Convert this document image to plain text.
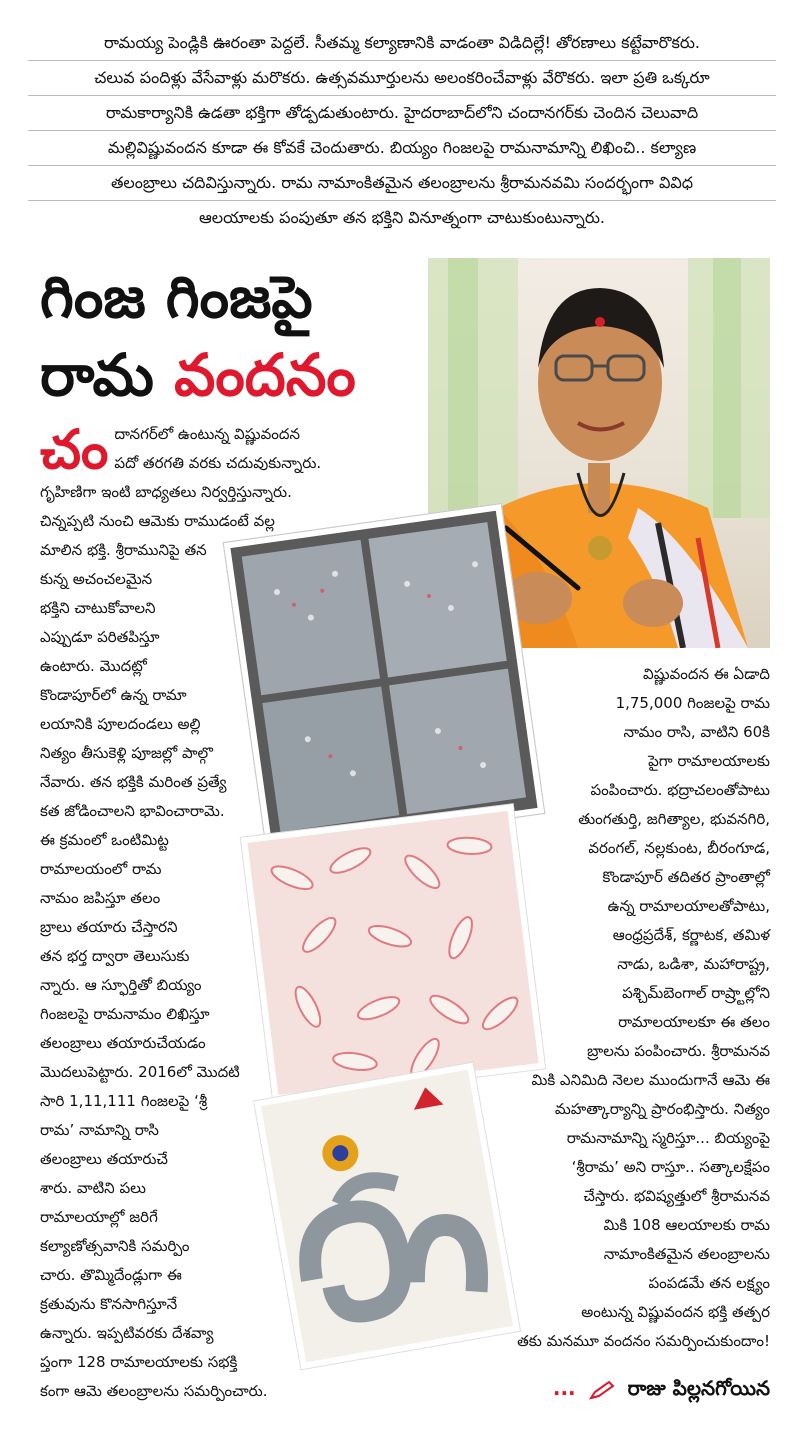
రామయ్య పెండ్లికి ఊరంతా పెద్దలే. సీతమ్మ కల్యాణానికి వాడంతా విడిదిల్లే! తోరణాలు కట్టేవారొకరు.
చలువ పందిళ్లు వేసేవాళ్లు మరొకరు. ఉత్సవమూర్తులను అలంకరించేవాళ్లు వేరొకరు. ఇలా ప్రతి ఒక్కరూ
రామకార్యానికి ఉడతా భక్తిగా తోడ్పడుతుంటారు. హైదరాబాద్‌లోని చందానగర్‌కు చెందిన చెలువాది
మల్లివిష్ణువందన కూడా ఈ కోవకే చెందుతారు. బియ్యం గింజలపై రామనామాన్ని లిఖించి.. కల్యాణ
తలంబ్రాలు చదివిస్తున్నారు. రామ నామాంకితమైన తలంబ్రాలను శ్రీరామనవమి సందర్భంగా వివిధ
ఆలయాలకు పంపుతూ తన భక్తిని వినూత్నంగా చాటుకుంటున్నారు.
గింజ గింజపై
రామ వందనం
చం దానగర్‌లో ఉంటున్న విష్ణువందన
పదో తరగతి వరకు చదువుకున్నారు.
గృహిణిగా ఇంటి బాధ్యతలు నిర్వర్తిస్తున్నారు.
చిన్నప్పటి నుంచి ఆమెకు రాముడంటే వల్ల
మాలిన భక్తి. శ్రీరామునిపై తన
కున్న అచంచలమైన
భక్తిని చాటుకోవాలని
ఎప్పుడూ పరితపిస్తూ
ఉంటారు. మొదట్లో
కొండాపూర్‌లో ఉన్న రామా
లయానికి పూలదండలు అల్లి
నిత్యం తీసుకెళ్లి పూజల్లో పాల్గొ
నేవారు. తన భక్తికి మరింత ప్రత్యే
కత జోడించాలని భావించారామె.
ఈ క్రమంలో ఒంటిమిట్ట
రామాలయంలో రామ
నామం జపిస్తూ తలం
బ్రాలు తయారు చేస్తారని
తన భర్త ద్వారా తెలుసుకు
న్నారు. ఆ స్ఫూర్తితో బియ్యం
గింజలపై రామనామం లిఖిస్తూ
తలంబ్రాలు తయారుచేయడం
మొదలుపెట్టారు. 2016లో మొదటి
సారి 1,11,111 గింజలపై ‘శ్రీ
రామ’ నామాన్ని రాసి
తలంబ్రాలు తయారుచే
శారు. వాటిని పలు
రామాలయాల్లో జరిగే
కల్యాణోత్సవానికి సమర్పిం
చారు. తొమ్మిదేండ్లుగా ఈ
క్రతువును కొనసాగిస్తూనే
ఉన్నారు. ఇప్పటివరకు దేశవ్యా
ప్తంగా 128 రామాలయాలకు సభక్తి
కంగా ఆమె తలంబ్రాలను సమర్పించారు.
విష్ణువందన ఈ ఏడాది
1,75,000 గింజలపై రామ
నామం రాసి, వాటిని 60కి
పైగా రామాలయాలకు
పంపించారు. భద్రాచలంతోపాటు
తుంగతుర్తి, జగిత్యాల, భువనగిరి,
వరంగల్, నల్లకుంట, బీరంగూడ,
కొండాపూర్ తదితర ప్రాంతాల్లో
ఉన్న రామాలయాలతోపాటు,
ఆంధ్రప్రదేశ్, కర్ణాటక, తమిళ
నాడు, ఒడిశా, మహారాష్ట్ర,
పశ్చిమ్‌బెంగాల్ రాష్ర్టాల్లోని
రామాలయాలకూ ఈ తలం
బ్రాలను పంపించారు. శ్రీరామనవ
మికి ఎనిమిది నెలల ముందుగానే ఆమె ఈ
మహత్కార్యాన్ని ప్రారంభిస్తారు. నిత్యం
రామనామాన్ని స్మరిస్తూ... బియ్యంపై
‘శ్రీరామ’ అని రాస్తూ.. సత్కాలక్షేపం
చేస్తారు. భవిష్యత్తులో శ్రీరామనవ
మికి 108 ఆలయాలకు రామ
నామాంకితమైన తలంబ్రాలను
పంపడమే తన లక్ష్యం
అంటున్న విష్ణువందన భక్తి తత్పర
తకు మనమూ వందనం సమర్పించుకుందాం!
...	రాజు పిల్లనగోయిన
